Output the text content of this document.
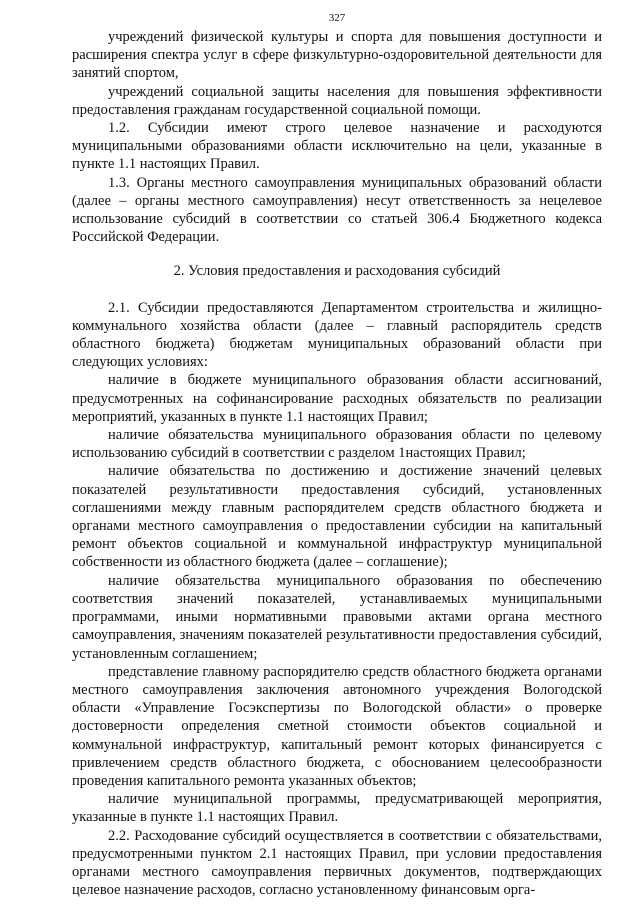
327

учреждений физической культуры и спорта для повышения доступности и расширения спектра услуг в сфере физкультурно-оздоровительной деятельности для занятий спортом,

учреждений социальной защиты населения для повышения эффективности предоставления гражданам государственной социальной помощи.

1.2. Субсидии имеют строго целевое назначение и расходуются муниципальными образованиями области исключительно на цели, указанные в пункте 1.1 настоящих Правил.

1.3. Органы местного самоуправления муниципальных образований области (далее – органы местного самоуправления) несут ответственность за нецелевое использование субсидий в соответствии со статьей 306.4 Бюджетного кодекса Российской Федерации.

2. Условия предоставления и расходования субсидий

2.1. Субсидии предоставляются Департаментом строительства и жилищно-коммунального хозяйства области (далее – главный распорядитель средств областного бюджета) бюджетам муниципальных образований области при следующих условиях:

наличие в бюджете муниципального образования области ассигнований, предусмотренных на софинансирование расходных обязательств по реализации мероприятий, указанных в пункте 1.1 настоящих Правил;

наличие обязательства муниципального образования области по целевому использованию субсидий в соответствии с разделом 1настоящих Правил;

наличие обязательства по достижению и достижение значений целевых показателей результативности предоставления субсидий, установленных соглашениями между главным распорядителем средств областного бюджета и органами местного самоуправления о предоставлении субсидии на капитальный ремонт объектов социальной и коммунальной инфраструктур муниципальной собственности из областного бюджета (далее – соглашение);

наличие обязательства муниципального образования по обеспечению соответствия значений показателей, устанавливаемых муниципальными программами, иными нормативными правовыми актами органа местного самоуправления, значениям показателей результативности предоставления субсидий, установленным соглашением;

представление главному распорядителю средств областного бюджета органами местного самоуправления заключения автономного учреждения Вологодской области «Управление Госэкспертизы по Вологодской области» о проверке достоверности определения сметной стоимости объектов социальной и коммунальной инфраструктур, капитальный ремонт которых финансируется с привлечением средств областного бюджета, с обоснованием целесообразности проведения капитального ремонта указанных объектов;

наличие муниципальной программы, предусматривающей мероприятия, указанные в пункте 1.1 настоящих Правил.

2.2. Расходование субсидий осуществляется в соответствии с обязательствами, предусмотренными пунктом 2.1 настоящих Правил, при условии предоставления органами местного самоуправления первичных документов, подтверждающих целевое назначение расходов, согласно установленному финансовым орга-
